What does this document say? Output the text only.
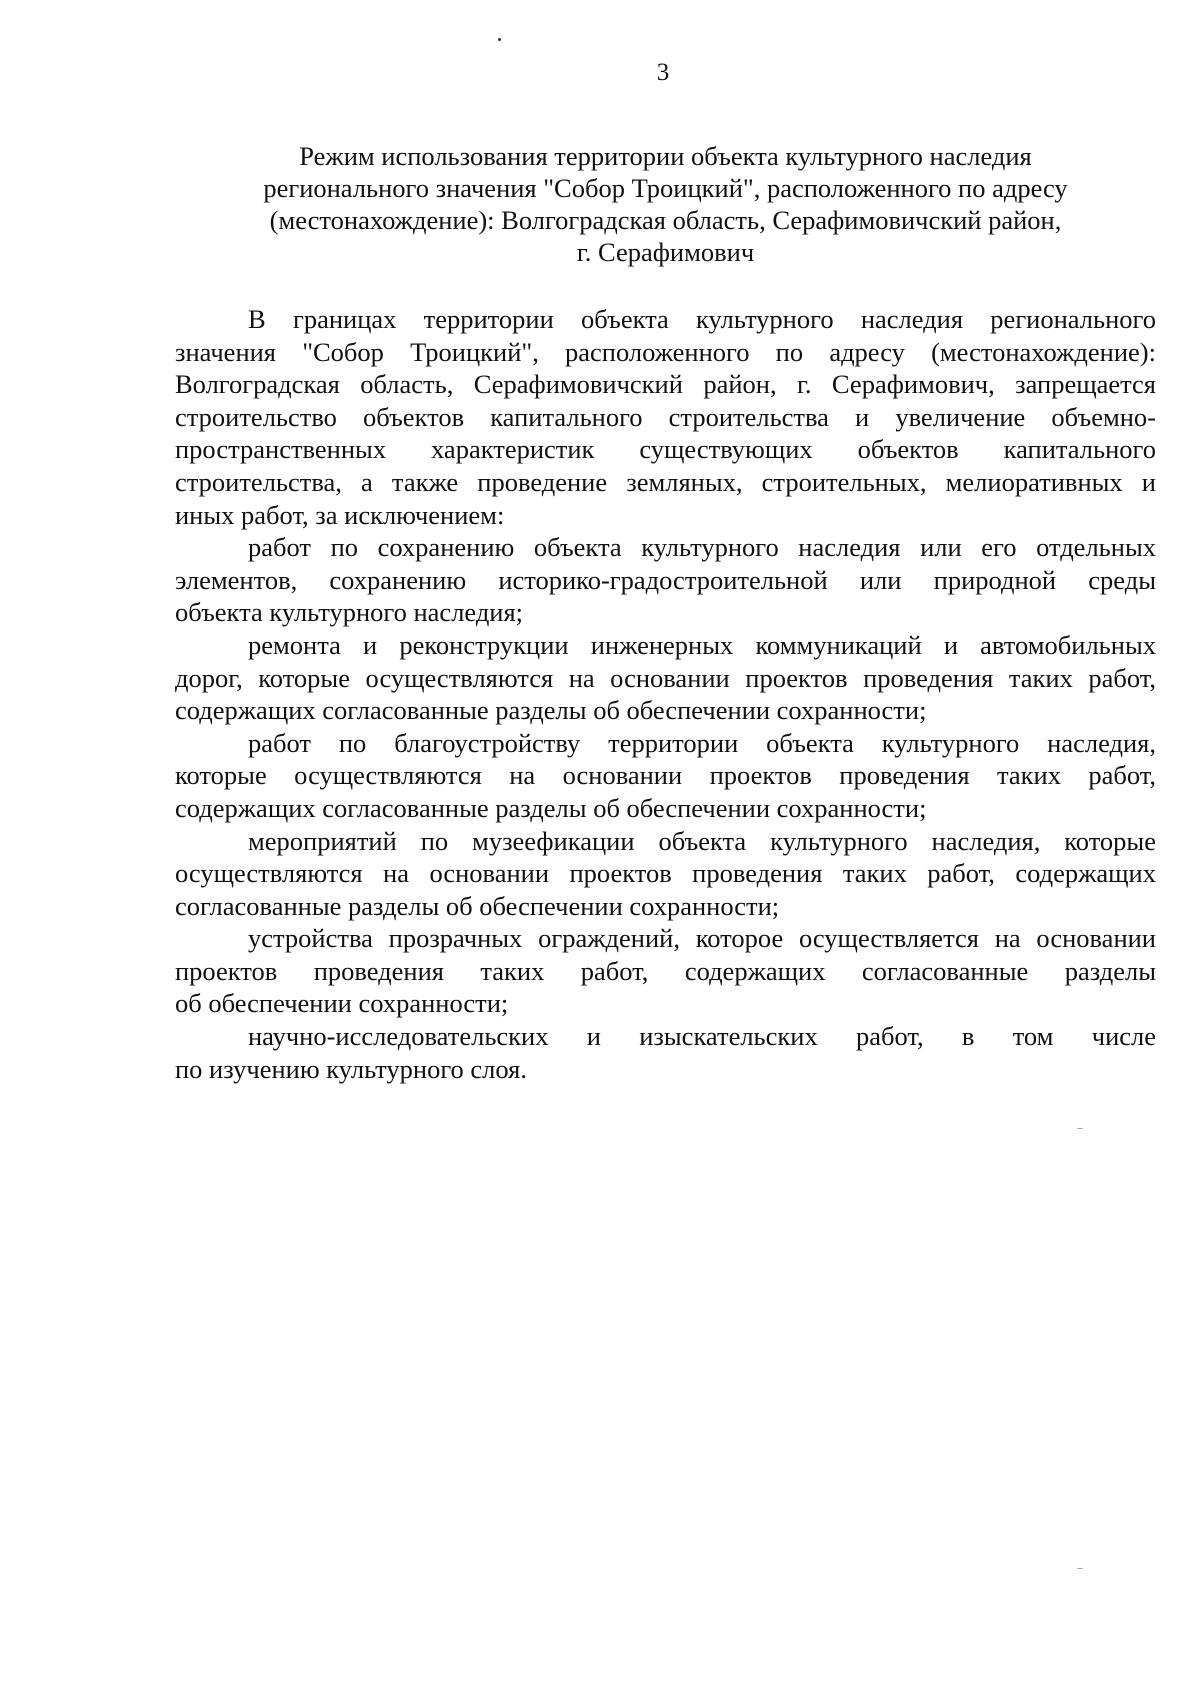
3
Режим использования территории объекта культурного наследия
регионального значения "Собор Троицкий", расположенного по адресу
(местонахождение): Волгоградская область, Серафимовичский район,
г. Серафимович
В границах территории объекта культурного наследия регионального
значения "Собор Троицкий", расположенного по адресу (местонахождение):
Волгоградская область, Серафимовичский район, г. Серафимович, запрещается
строительство объектов капитального строительства и увеличение объемно-
пространственных характеристик существующих объектов капитального
строительства, а также проведение земляных, строительных, мелиоративных и
иных работ, за исключением:
работ по сохранению объекта культурного наследия или его отдельных
элементов, сохранению историко-градостроительной или природной среды
объекта культурного наследия;
ремонта и реконструкции инженерных коммуникаций и автомобильных
дорог, которые осуществляются на основании проектов проведения таких работ,
содержащих согласованные разделы об обеспечении сохранности;
работ по благоустройству территории объекта культурного наследия,
которые осуществляются на основании проектов проведения таких работ,
содержащих согласованные разделы об обеспечении сохранности;
мероприятий по музеефикации объекта культурного наследия, которые
осуществляются на основании проектов проведения таких работ, содержащих
согласованные разделы об обеспечении сохранности;
устройства прозрачных ограждений, которое осуществляется на основании
проектов проведения таких работ, содержащих согласованные разделы
об обеспечении сохранности;
научно-исследовательских и изыскательских работ, в том числе
по изучению культурного слоя.
